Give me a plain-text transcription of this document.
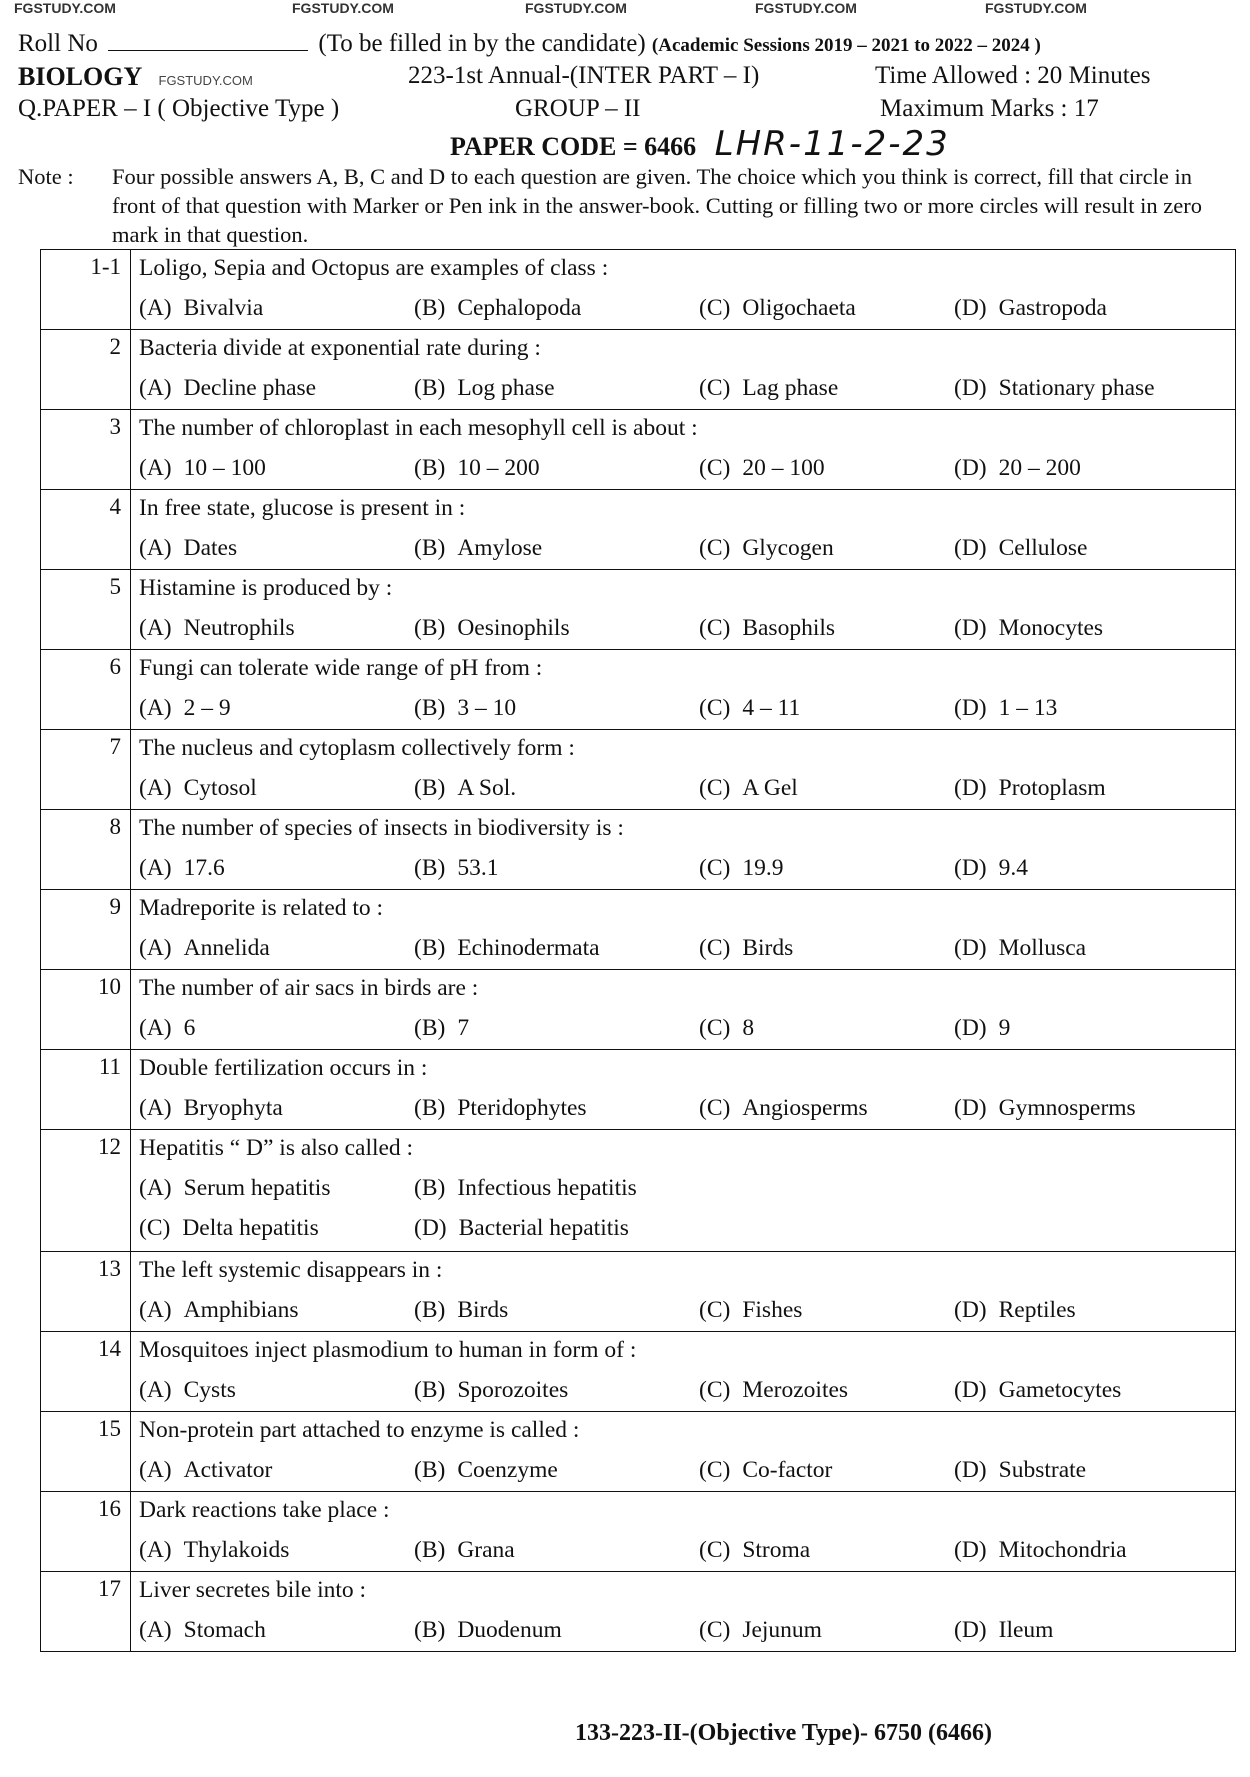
FGSTUDY.COM	FGSTUDY.COM	FGSTUDY.COM	FGSTUDY.COM	FGSTUDY.COM
Roll No	(To be filled in by the candidate) (Academic Sessions 2019 – 2021 to 2022 – 2024 )
BIOLOGY FGSTUDY.COM	223-1st Annual-(INTER PART – I)	Time Allowed : 20 Minutes
Q.PAPER – I ( Objective Type )	GROUP – II	Maximum Marks : 17
PAPER CODE = 6466 LHR-11-2-23
Note : Four possible answers A, B, C and D to each question are given. The choice which you think is correct, fill that circle in front of that question with Marker or Pen ink in the answer-book. Cutting or filling two or more circles will result in zero mark in that question.
1-1	Loligo, Sepia and Octopus are examples of class :
(A) Bivalvia (B) Cephalopoda (C) Oligochaeta (D) Gastropoda

2	Bacteria divide at exponential rate during :
(A) Decline phase (B) Log phase (C) Lag phase (D) Stationary phase

3	The number of chloroplast in each mesophyll cell is about :
(A) 10 – 100 (B) 10 – 200 (C) 20 – 100 (D) 20 – 200

4	In free state, glucose is present in :
(A) Dates (B) Amylose (C) Glycogen (D) Cellulose

5	Histamine is produced by :
(A) Neutrophils (B) Oesinophils (C) Basophils (D) Monocytes

6	Fungi can tolerate wide range of pH from :
(A) 2 – 9 (B) 3 – 10 (C) 4 – 11 (D) 1 – 13

7	The nucleus and cytoplasm collectively form :
(A) Cytosol (B) A Sol. (C) A Gel (D) Protoplasm

8	The number of species of insects in biodiversity is :
(A) 17.6 (B) 53.1 (C) 19.9 (D) 9.4

9	Madreporite is related to :
(A) Annelida (B) Echinodermata (C) Birds (D) Mollusca

10	The number of air sacs in birds are :
(A) 6 (B) 7 (C) 8 (D) 9

11	Double fertilization occurs in :
(A) Bryophyta (B) Pteridophytes (C) Angiosperms (D) Gymnosperms

12	Hepatitis “ D” is also called :
(A) Serum hepatitis (B) Infectious hepatitis
(C) Delta hepatitis (D) Bacterial hepatitis

13	The left systemic disappears in :
(A) Amphibians (B) Birds (C) Fishes (D) Reptiles

14	Mosquitoes inject plasmodium to human in form of :
(A) Cysts (B) Sporozoites (C) Merozoites (D) Gametocytes

15	Non-protein part attached to enzyme is called :
(A) Activator (B) Coenzyme (C) Co-factor (D) Substrate

16	Dark reactions take place :
(A) Thylakoids (B) Grana (C) Stroma (D) Mitochondria

17	Liver secretes bile into :
(A) Stomach (B) Duodenum (C) Jejunum (D) Ileum
133-223-II-(Objective Type)- 6750 (6466)
